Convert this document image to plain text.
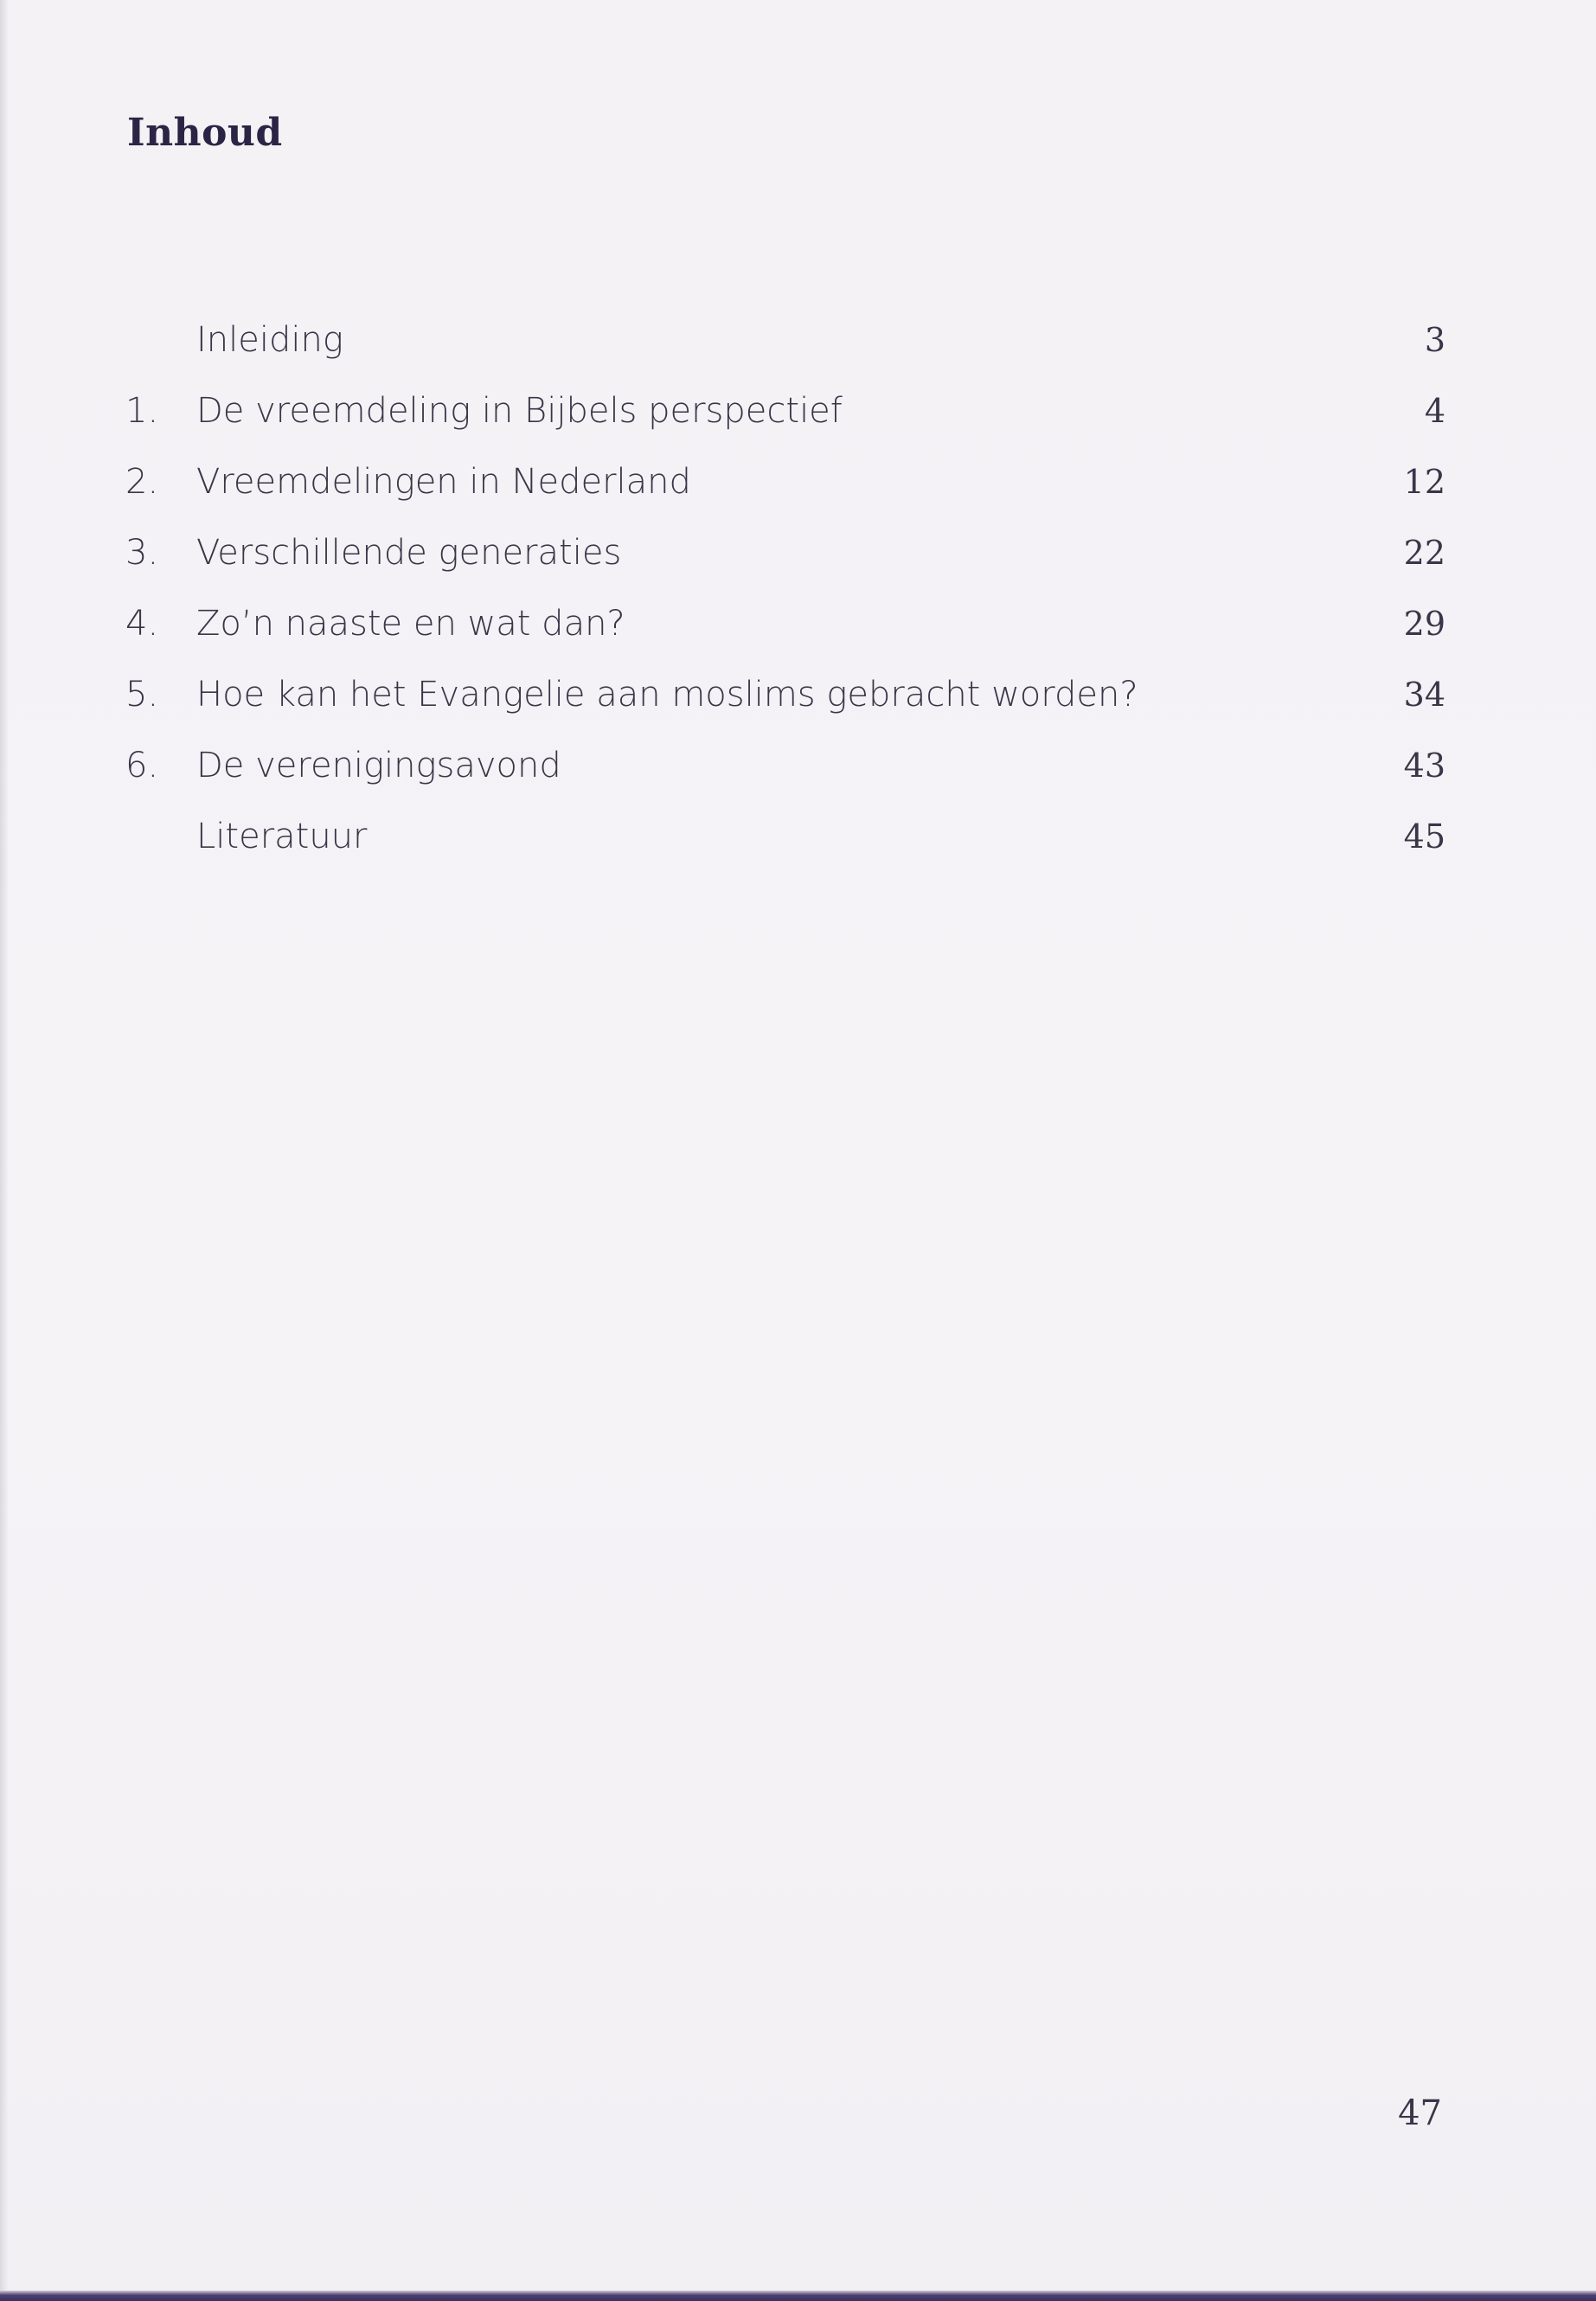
Inhoud
Inleiding	3
1.	De vreemdeling in Bijbels perspectief	4
2.	Vreemdelingen in Nederland	12
3.	Verschillende generaties	22
4.	Zo’n naaste en wat dan?	29
5.	Hoe kan het Evangelie aan moslims gebracht worden?	34
6.	De verenigingsavond	43
Literatuur	45
47
